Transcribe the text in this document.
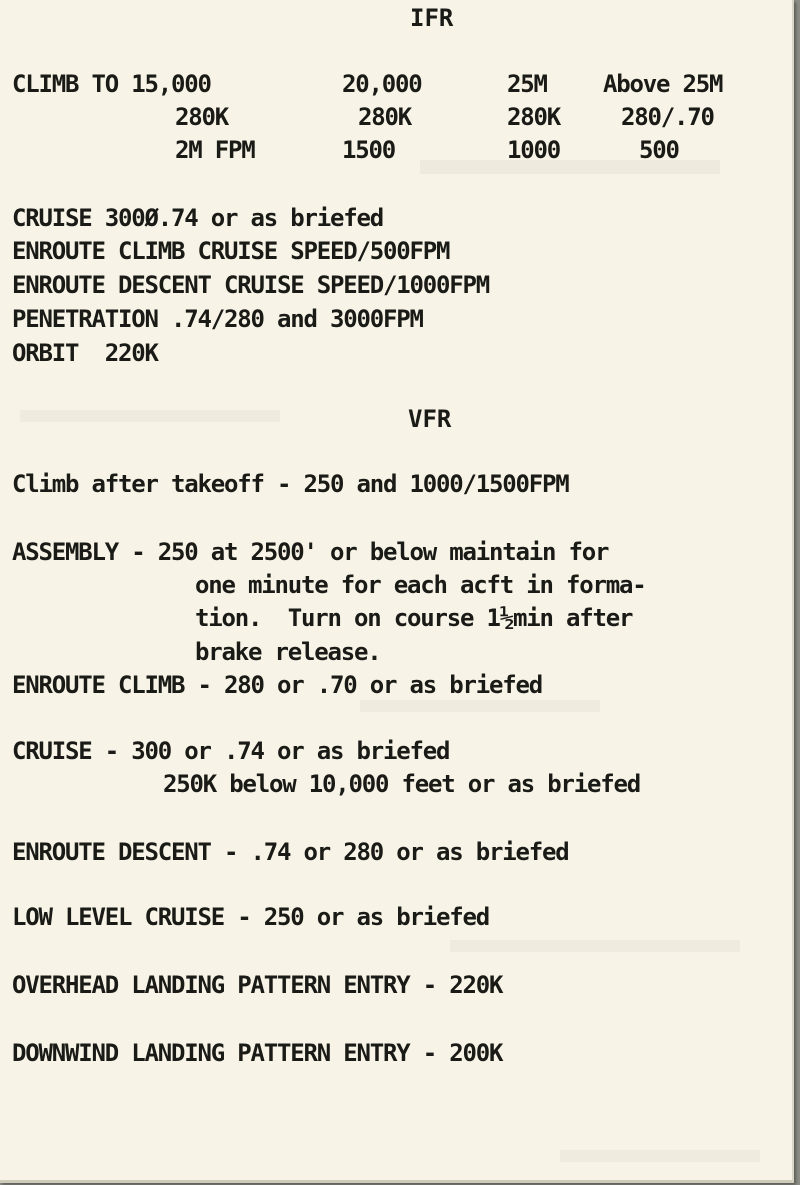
IFR
CLIMB TO 15,000	20,000	25M Above 25M
280K	280K	280K	280/.70
2M FPM	1500	1000	500
CRUISE 300Ø.74 or as briefed
ENROUTE CLIMB CRUISE SPEED/500FPM
ENROUTE DESCENT CRUISE SPEED/1000FPM
PENETRATION .74/280 and 3000FPM
ORBIT  220K
VFR
Climb after takeoff - 250 and 1000/1500FPM
ASSEMBLY - 250 at 2500' or below maintain for
one minute for each acft in forma-
tion.  Turn on course 1½min after
brake release.
ENROUTE CLIMB - 280 or .70 or as briefed
CRUISE - 300 or .74 or as briefed
250K below 10,000 feet or as briefed
ENROUTE DESCENT - .74 or 280 or as briefed
LOW LEVEL CRUISE - 250 or as briefed
OVERHEAD LANDING PATTERN ENTRY - 220K
DOWNWIND LANDING PATTERN ENTRY - 200K
